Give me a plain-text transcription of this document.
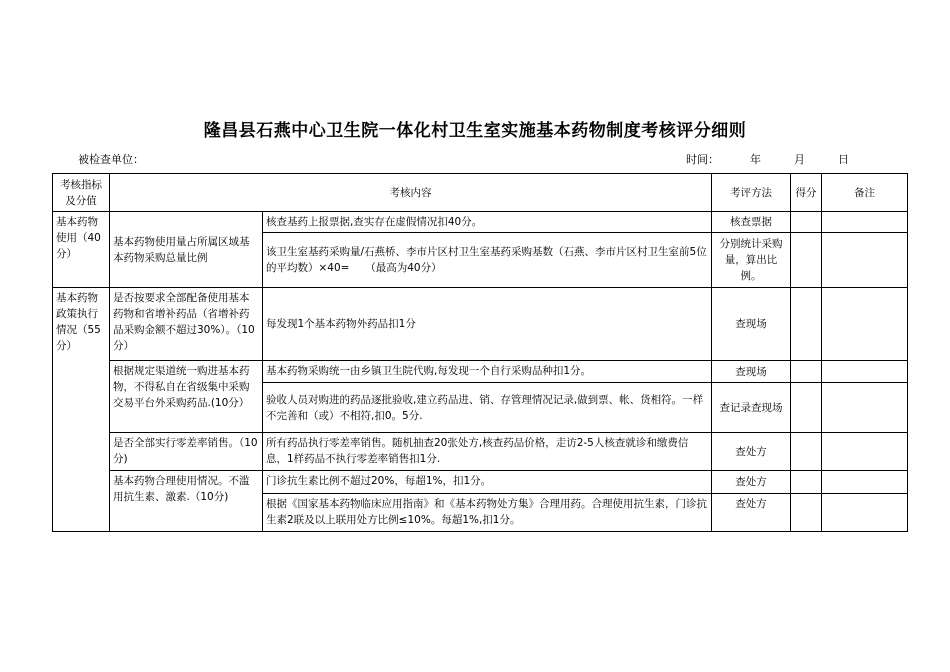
隆昌县石燕中心卫生院一体化村卫生室实施基本药物制度考核评分细则
被检查单位：	时间：	年	月	日
考核指标及分值	考核内容		考评方法	得分	备注
基本药物使用（40分）	基本药物使用量占所属区域基本药物采购总量比例	核查基药上报票据,查实存在虚假情况扣40分。	核查票据		
		该卫生室基药采购量/石燕桥、李市片区村卫生室基药采购基数（石燕、李市片区村卫生室前5位的平均数）×40=　　（最高为40分）	分别统计采购量，算出比例。		
基本药物政策执行情况（55分）	是否按要求全部配备使用基本药物和省增补药品（省增补药品采购金额不超过30%）。（10分）	每发现1个基本药物外药品扣1分	查现场		
	根据规定渠道统一购进基本药物，不得私自在省级集中采购交易平台外采购药品.(10分）	基本药物采购统一由乡镇卫生院代购,每发现一个自行采购品种扣1分。	查现场		
		验收人员对购进的药品逐批验收,建立药品进、销、存管理情况记录,做到票、帐、货相符。一样不完善和（或）不相符,扣0。5分.	查记录查现场		
	是否全部实行零差率销售。（10分)	所有药品执行零差率销售。随机抽查20张处方,核查药品价格，走访2-5人核查就诊和缴费信息，1样药品不执行零差率销售扣1分.	查处方		
	基本药物合理使用情况。不滥用抗生素、激素.（10分)	门诊抗生素比例不超过20%，每超1%，扣1分。	查处方		
		根据《国家基本药物临床应用指南》和《基本药物处方集》合理用药。合理使用抗生素，门诊抗生素2联及以上联用处方比例≤10%。每超1%,扣1分。	查处方		
